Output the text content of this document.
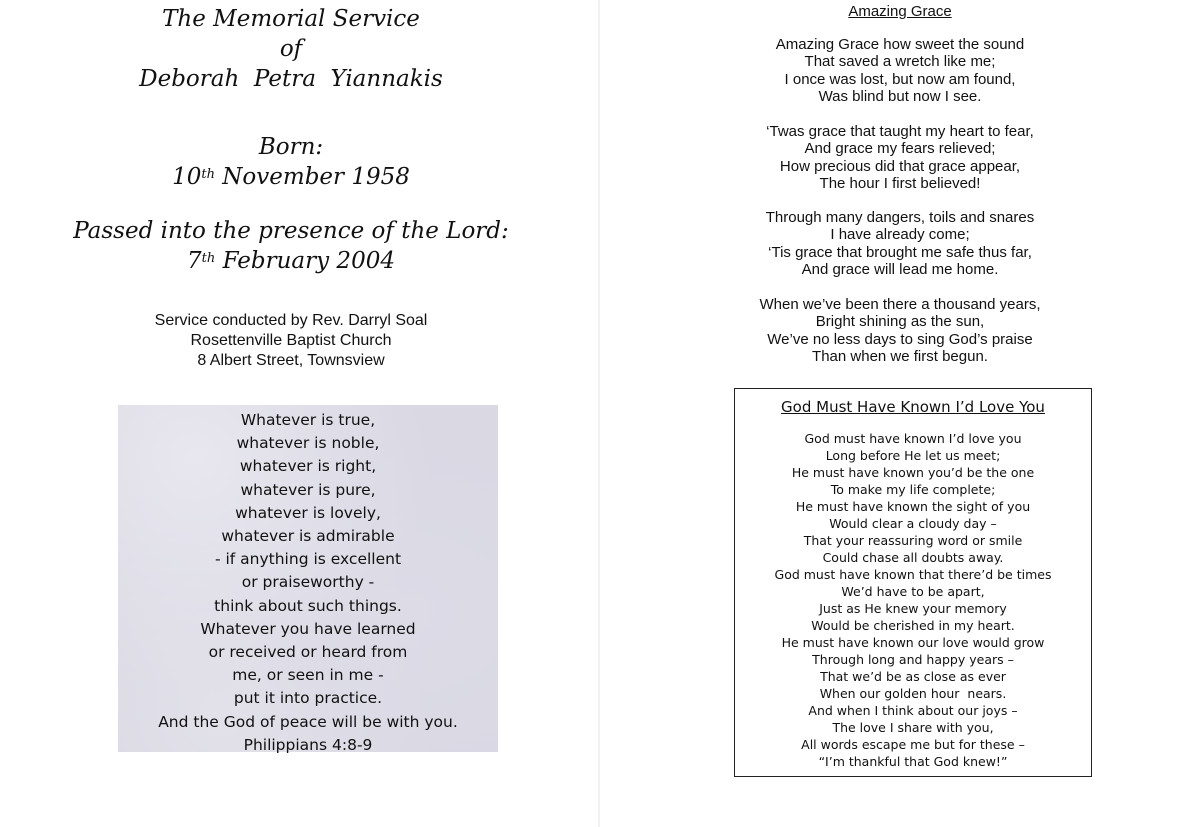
The Memorial Service
of
Deborah  Petra  Yiannakis
Born:
10th November 1958
Passed into the presence of the Lord:
7th February 2004
Service conducted by Rev. Darryl Soal
Rosettenville Baptist Church
8 Albert Street, Townsview
Whatever is true,
whatever is noble,
whatever is right,
whatever is pure,
whatever is lovely,
whatever is admirable
- if anything is excellent
or praiseworthy -
think about such things.
Whatever you have learned
or received or heard from
me, or seen in me -
put it into practice.
And the God of peace will be with you.
Philippians 4:8-9
Amazing Grace
Amazing Grace how sweet the sound
That saved a wretch like me;
I once was lost, but now am found,
Was blind but now I see.
‘Twas grace that taught my heart to fear,
And grace my fears relieved;
How precious did that grace appear,
The hour I first believed!
Through many dangers, toils and snares
I have already come;
‘Tis grace that brought me safe thus far,
And grace will lead me home.
When we’ve been there a thousand years,
Bright shining as the sun,
We’ve no less days to sing God’s praise
Than when we first begun.
God Must Have Known I’d Love You
God must have known I’d love you
Long before He let us meet;
He must have known you’d be the one
To make my life complete;
He must have known the sight of you
Would clear a cloudy day –
That your reassuring word or smile
Could chase all doubts away.
God must have known that there’d be times
We’d have to be apart,
Just as He knew your memory
Would be cherished in my heart.
He must have known our love would grow
Through long and happy years –
That we’d be as close as ever
When our golden hour  nears.
And when I think about our joys –
The love I share with you,
All words escape me but for these –
“I’m thankful that God knew!”
